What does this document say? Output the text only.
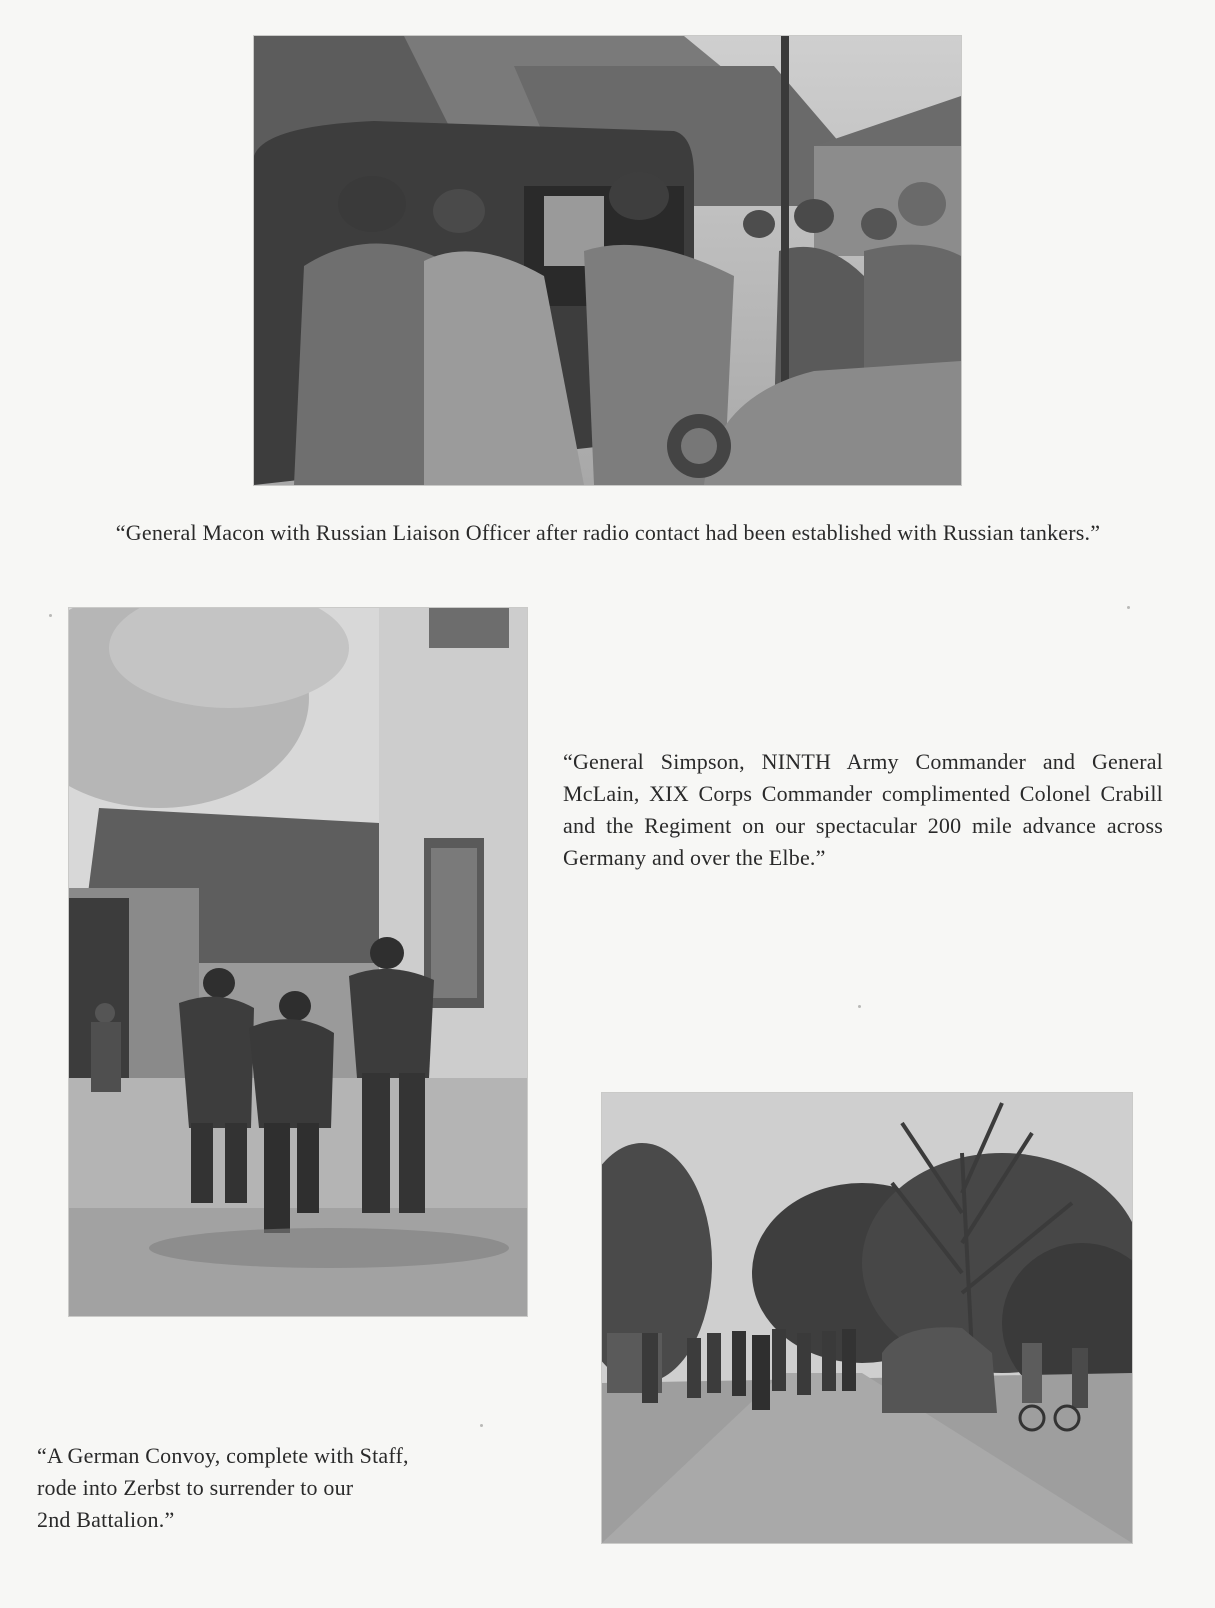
“General Macon with Russian Liaison Officer after radio contact had been established with Russian tankers.”
“General Simpson, NINTH Army Commander and General McLain, XIX Corps Commander complimented Colonel Crabill and the Regiment on our spectacular 200 mile advance across Germany and over the Elbe.”
“A German Convoy, complete with Staff,
rode into Zerbst to surrender to our
2nd Battalion.”
